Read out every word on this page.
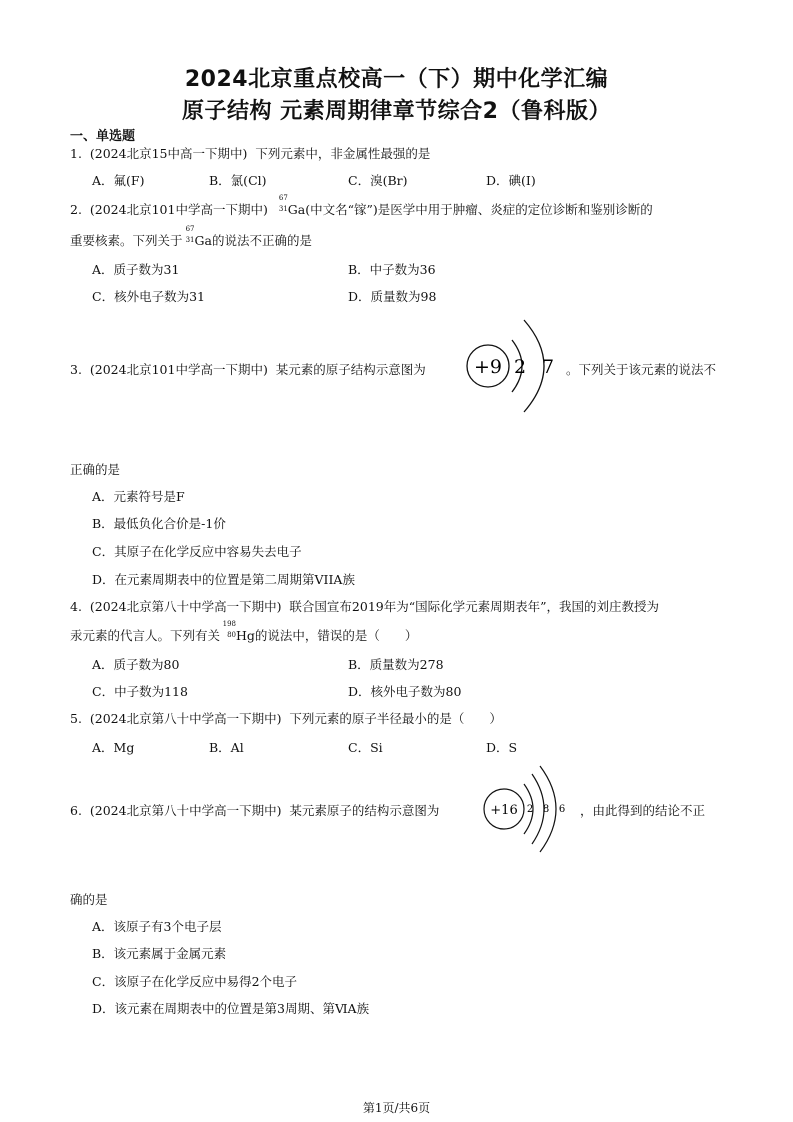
2024北京重点校高一（下）期中化学汇编
原子结构 元素周期律章节综合2（鲁科版）
一、单选题
1. (2024北京15中高一下期中) 下列元素中，非金属性最强的是
A．氟(F)	B．氯(Cl)	C．溴(Br)	D．碘(I)
2. (2024北京101中学高一下期中)
67
31 Ga(中文名“镓”)是医学中用于肿瘤、炎症的定位诊断和鉴别诊断的
重要核素。下列关于
67
31 Ga的说法不正确的是
A．质子数为31	B．中子数为36
C．核外电子数为31	D．质量数为98
3. (2024北京101中学高一下期中) 某元素的原子结构示意图为	+9 2 7 。下列关于该元素的说法不
正确的是
A．元素符号是F
B．最低负化合价是-1价
C．其原子在化学反应中容易失去电子
D．在元素周期表中的位置是第二周期第VIIA族
4. (2024北京第八十中学高一下期中) 联合国宣布2019年为“国际化学元素周期表年”，我国的刘庄教授为
汞元素的代言人。下列有关
198
80 Hg的说法中，错误的是（　　）
A．质子数为80	B．质量数为278
C．中子数为118	D．核外电子数为80
5. (2024北京第八十中学高一下期中) 下列元素的原子半径最小的是（　　）
A．Mg	B．Al	C．Si	D．S
6. (2024北京第八十中学高一下期中) 某元素原子的结构示意图为	+16 2 8 6 ，由此得到的结论不正
确的是
A．该原子有3个电子层
B．该元素属于金属元素
C．该原子在化学反应中易得2个电子
D．该元素在周期表中的位置是第3周期、第ⅥA族
第1页/共6页
